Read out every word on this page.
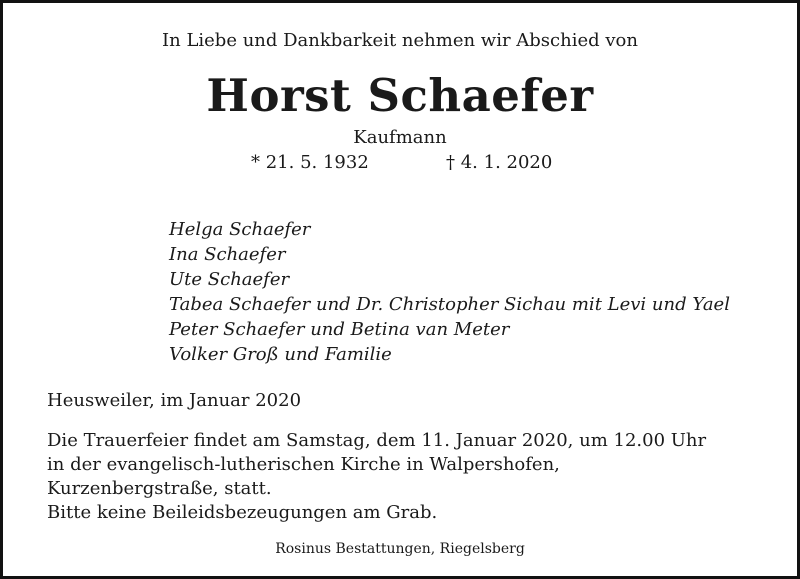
In Liebe und Dankbarkeit nehmen wir Abschied von
Horst Schaefer
Kaufmann
* 21. 5. 1932	† 4. 1. 2020
Helga Schaefer
Ina Schaefer
Ute Schaefer
Tabea Schaefer und Dr. Christopher Sichau mit Levi und Yael
Peter Schaefer und Betina van Meter
Volker Groß und Familie
Heusweiler, im Januar 2020
Die Trauerfeier findet am Samstag, dem 11. Januar 2020, um 12.00 Uhr
in der evangelisch-lutherischen Kirche in Walpershofen,
Kurzenbergstraße, statt.
Bitte keine Beileidsbezeugungen am Grab.
Rosinus Bestattungen, Riegelsberg
